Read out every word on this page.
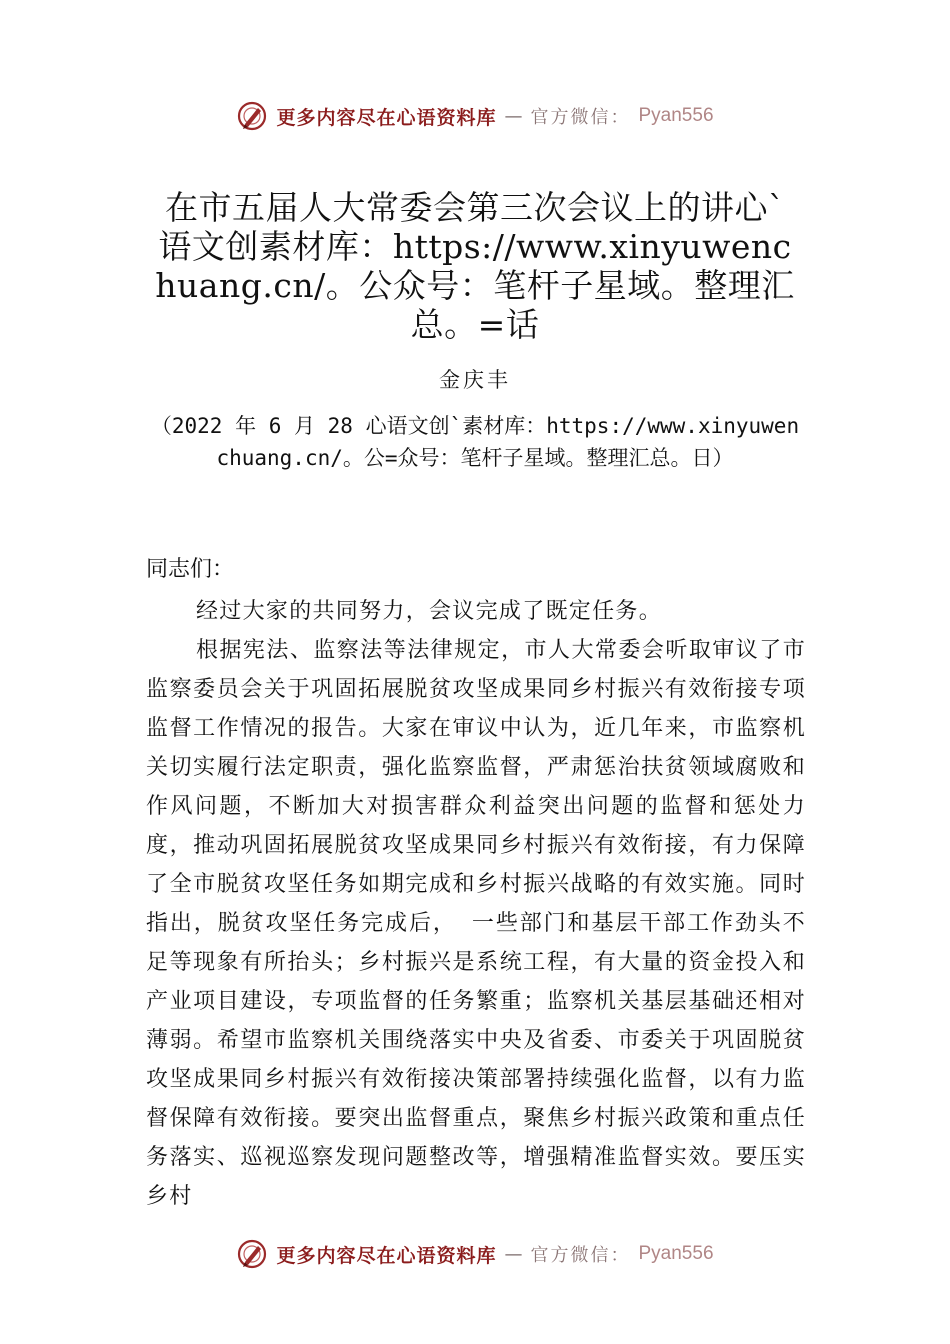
更多内容尽在心语资料库 — 官方微信： Pyan556
在市五届人大常委会第三次会议上的讲心`语文创素材库：https://www.xinyuwenchuang.cn/。公众号：笔杆子星域。整理汇总。=话
金庆丰
（2022 年 6 月 28 心语文创`素材库：https://www.xinyuwenchuang.cn/。公=众号：笔杆子星域。整理汇总。日）
同志们：

经过大家的共同努力，会议完成了既定任务。

根据宪法、监察法等法律规定，市人大常委会听取审议了市监察委员会关于巩固拓展脱贫攻坚成果同乡村振兴有效衔接专项监督工作情况的报告。大家在审议中认为，近几年来，市监察机关切实履行法定职责，强化监察监督，严肃惩治扶贫领域腐败和作风问题，不断加大对损害群众利益突出问题的监督和惩处力度，推动巩固拓展脱贫攻坚成果同乡村振兴有效衔接，有力保障了全市脱贫攻坚任务如期完成和乡村振兴战略的有效实施。同时指出，脱贫攻坚任务完成后， 一些部门和基层干部工作劲头不足等现象有所抬头；乡村振兴是系统工程，有大量的资金投入和产业项目建设，专项监督的任务繁重；监察机关基层基础还相对薄弱。希望市监察机关围绕落实中央及省委、市委关于巩固脱贫攻坚成果同乡村振兴有效衔接决策部署持续强化监督，以有力监督保障有效衔接。要突出监督重点，聚焦乡村振兴政策和重点任务落实、巡视巡察发现问题整改等，增强精准监督实效。要压实乡村

更多内容尽在心语资料库 — 官方微信： Pyan556
